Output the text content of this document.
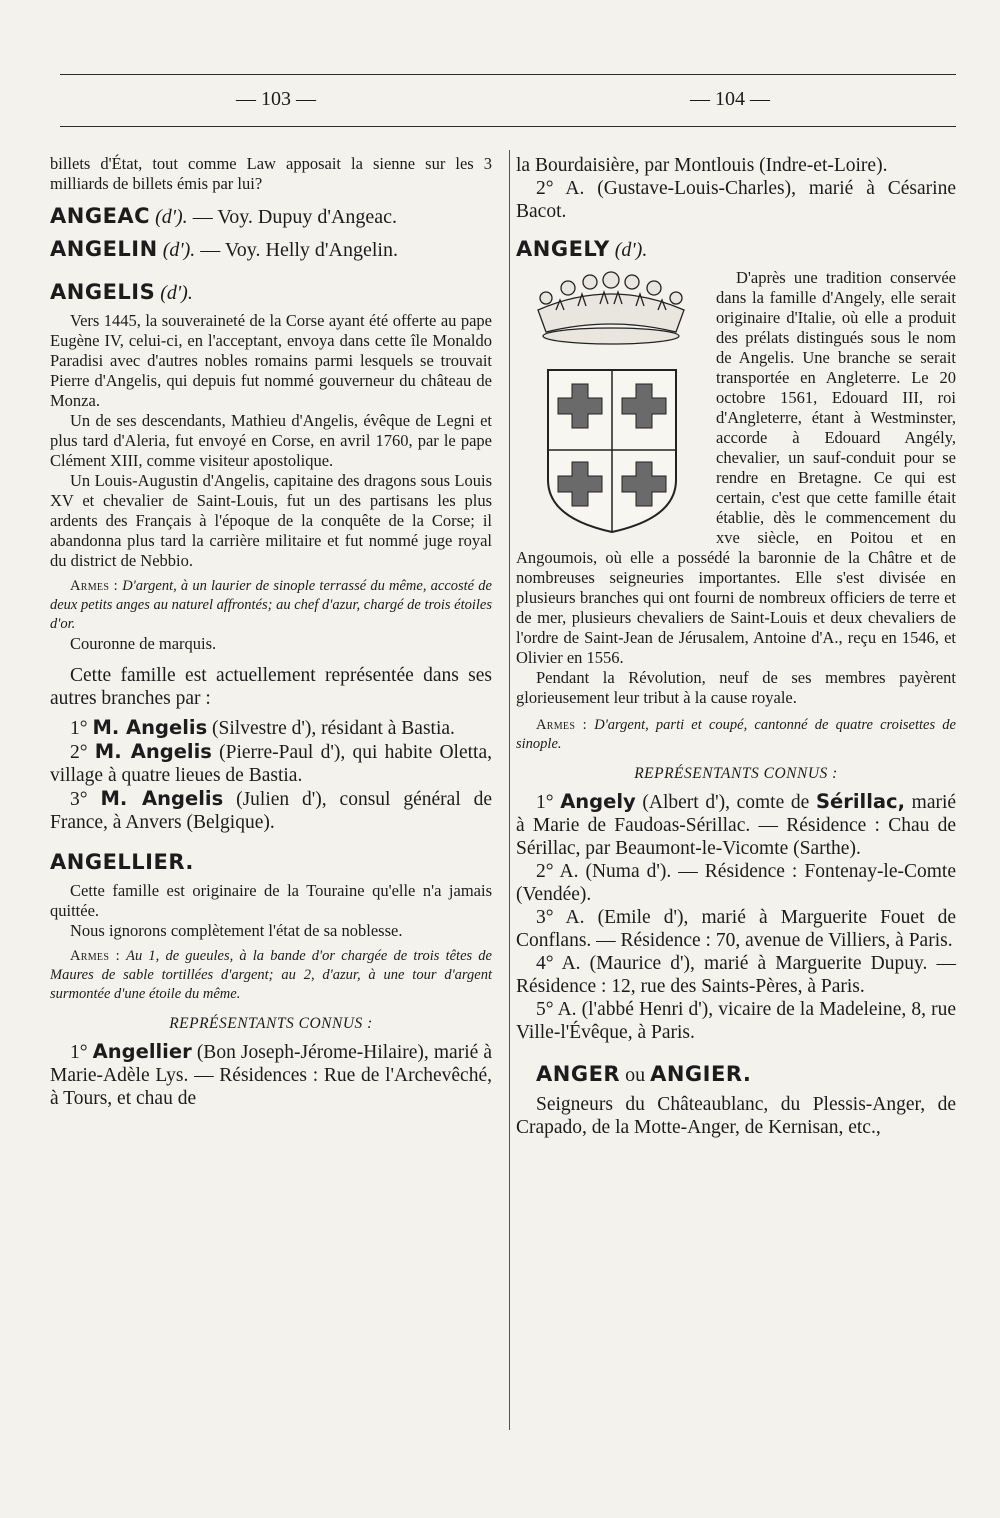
— 103 —	— 104 —

billets d'État, tout comme Law apposait la sienne sur les 3 milliards de billets émis par lui?

ANGEAC (d'). — Voy. Dupuy d'Angeac.

ANGELIN (d'). — Voy. Helly d'Angelin.

ANGELIS (d').

Vers 1445, la souveraineté de la Corse ayant été offerte au pape Eugène IV, celui-ci, en l'acceptant, envoya dans cette île Monaldo Paradisi avec d'autres nobles romains parmi lesquels se trouvait Pierre d'Angelis, qui depuis fut nommé gouverneur du château de Monza.

Un de ses descendants, Mathieu d'Angelis, évêque de Legni et plus tard d'Aleria, fut envoyé en Corse, en avril 1760, par le pape Clément XIII, comme visiteur apostolique.

Un Louis-Augustin d'Angelis, capitaine des dragons sous Louis XV et chevalier de Saint-Louis, fut un des partisans les plus ardents des Français à l'époque de la conquête de la Corse; il abandonna plus tard la carrière militaire et fut nommé juge royal du district de Nebbio.

Armes : D'argent, à un laurier de sinople terrassé du même, accosté de deux petits anges au naturel affrontés; au chef d'azur, chargé de trois étoiles d'or.

Couronne de marquis.

Cette famille est actuellement représentée dans ses autres branches par :

1° M. Angelis (Silvestre d'), résidant à Bastia.

2° M. Angelis (Pierre-Paul d'), qui habite Oletta, village à quatre lieues de Bastia.

3° M. Angelis (Julien d'), consul général de France, à Anvers (Belgique).

ANGELLIER.

Cette famille est originaire de la Touraine qu'elle n'a jamais quittée.

Nous ignorons complètement l'état de sa noblesse.

Armes : Au 1, de gueules, à la bande d'or chargée de trois têtes de Maures de sable tortillées d'argent; au 2, d'azur, à une tour d'argent surmontée d'une étoile du même.

REPRÉSENTANTS CONNUS :

1° Angellier (Bon Joseph-Jérome-Hilaire), marié à Marie-Adèle Lys. — Résidences : Rue de l'Archevêché, à Tours, et chau de

la Bourdaisière, par Montlouis (Indre-et-Loire).

2° A. (Gustave-Louis-Charles), marié à Césarine Bacot.

ANGELY (d').

D'après une tradition conservée dans la famille d'Angely, elle serait originaire d'Italie, où elle a produit des prélats distingués sous le nom de Angelis. Une branche se serait transportée en Angleterre. Le 20 octobre 1561, Edouard III, roi d'Angleterre, étant à Westminster, accorde à Edouard Angély, chevalier, un sauf-conduit pour se rendre en Bretagne. Ce qui est certain, c'est que cette famille était établie, dès le commencement du xve siècle, en Poitou et en Angoumois, où elle a possédé la baronnie de la Châtre et de nombreuses seigneuries importantes. Elle s'est divisée en plusieurs branches qui ont fourni de nombreux officiers de terre et de mer, plusieurs chevaliers de Saint-Louis et deux chevaliers de l'ordre de Saint-Jean de Jérusalem, Antoine d'A., reçu en 1546, et Olivier en 1556.

Pendant la Révolution, neuf de ses membres payèrent glorieusement leur tribut à la cause royale.

Armes : D'argent, parti et coupé, cantonné de quatre croisettes de sinople.

REPRÉSENTANTS CONNUS :

1° Angely (Albert d'), comte de Sérillac, marié à Marie de Faudoas-Sérillac. — Résidence : Chau de Sérillac, par Beaumont-le-Vicomte (Sarthe).

2° A. (Numa d'). — Résidence : Fontenay-le-Comte (Vendée).

3° A. (Emile d'), marié à Marguerite Fouet de Conflans. — Résidence : 70, avenue de Villiers, à Paris.

4° A. (Maurice d'), marié à Marguerite Dupuy. — Résidence : 12, rue des Saints-Pères, à Paris.

5° A. (l'abbé Henri d'), vicaire de la Madeleine, 8, rue Ville-l'Évêque, à Paris.

ANGER ou ANGIER.

Seigneurs du Châteaublanc, du Plessis-Anger, de Crapado, de la Motte-Anger, de Kernisan, etc.,
